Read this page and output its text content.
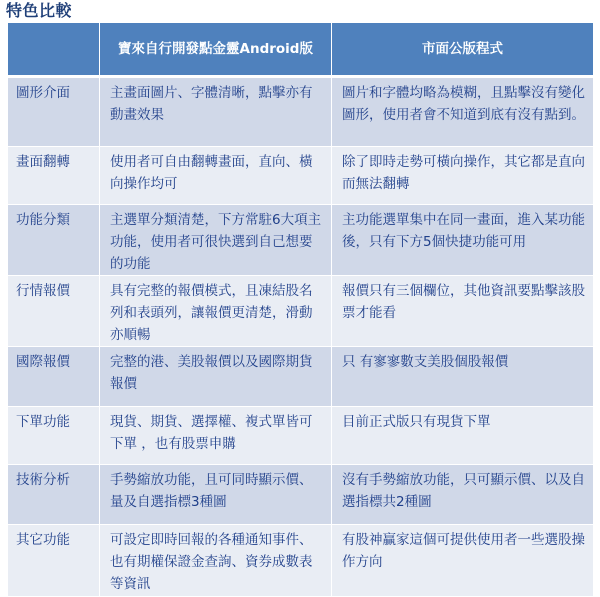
特色比較
	寶來自行開發點金靈Android版	市面公版程式

圖形介面	主畫面圖片、字體清晰，點擊亦有動畫效果	圖片和字體均略為模糊，且點擊沒有變化圖形，使用者會不知道到底有沒有點到。

畫面翻轉	使用者可自由翻轉畫面，直向、橫向操作均可	除了即時走勢可橫向操作，其它都是直向而無法翻轉

功能分類	主選單分類清楚，下方常駐6大項主功能，使用者可很快選到自己想要的功能	主功能選單集中在同一畫面，進入某功能後，只有下方5個快捷功能可用

行情報價	具有完整的報價模式，且凍結股名列和表頭列，讓報價更清楚，滑動亦順暢	報價只有三個欄位，其他資訊要點擊該股票才能看

國際報價	完整的港、美股報價以及國際期貨報價	只 有寥寥數支美股個股報價

下單功能	現貨、期貨、選擇權、複式單皆可下單 ，也有股票申購	目前正式版只有現貨下單

技術分析	手勢縮放功能，且可同時顯示價、量及自選指標3種圖	沒有手勢縮放功能，只可顯示價、以及自選指標共2種圖

其它功能	可設定即時回報的各種通知事件、也有期權保證金查詢、資券成數表等資訊	有股神贏家這個可提供使用者一些選股操作方向
